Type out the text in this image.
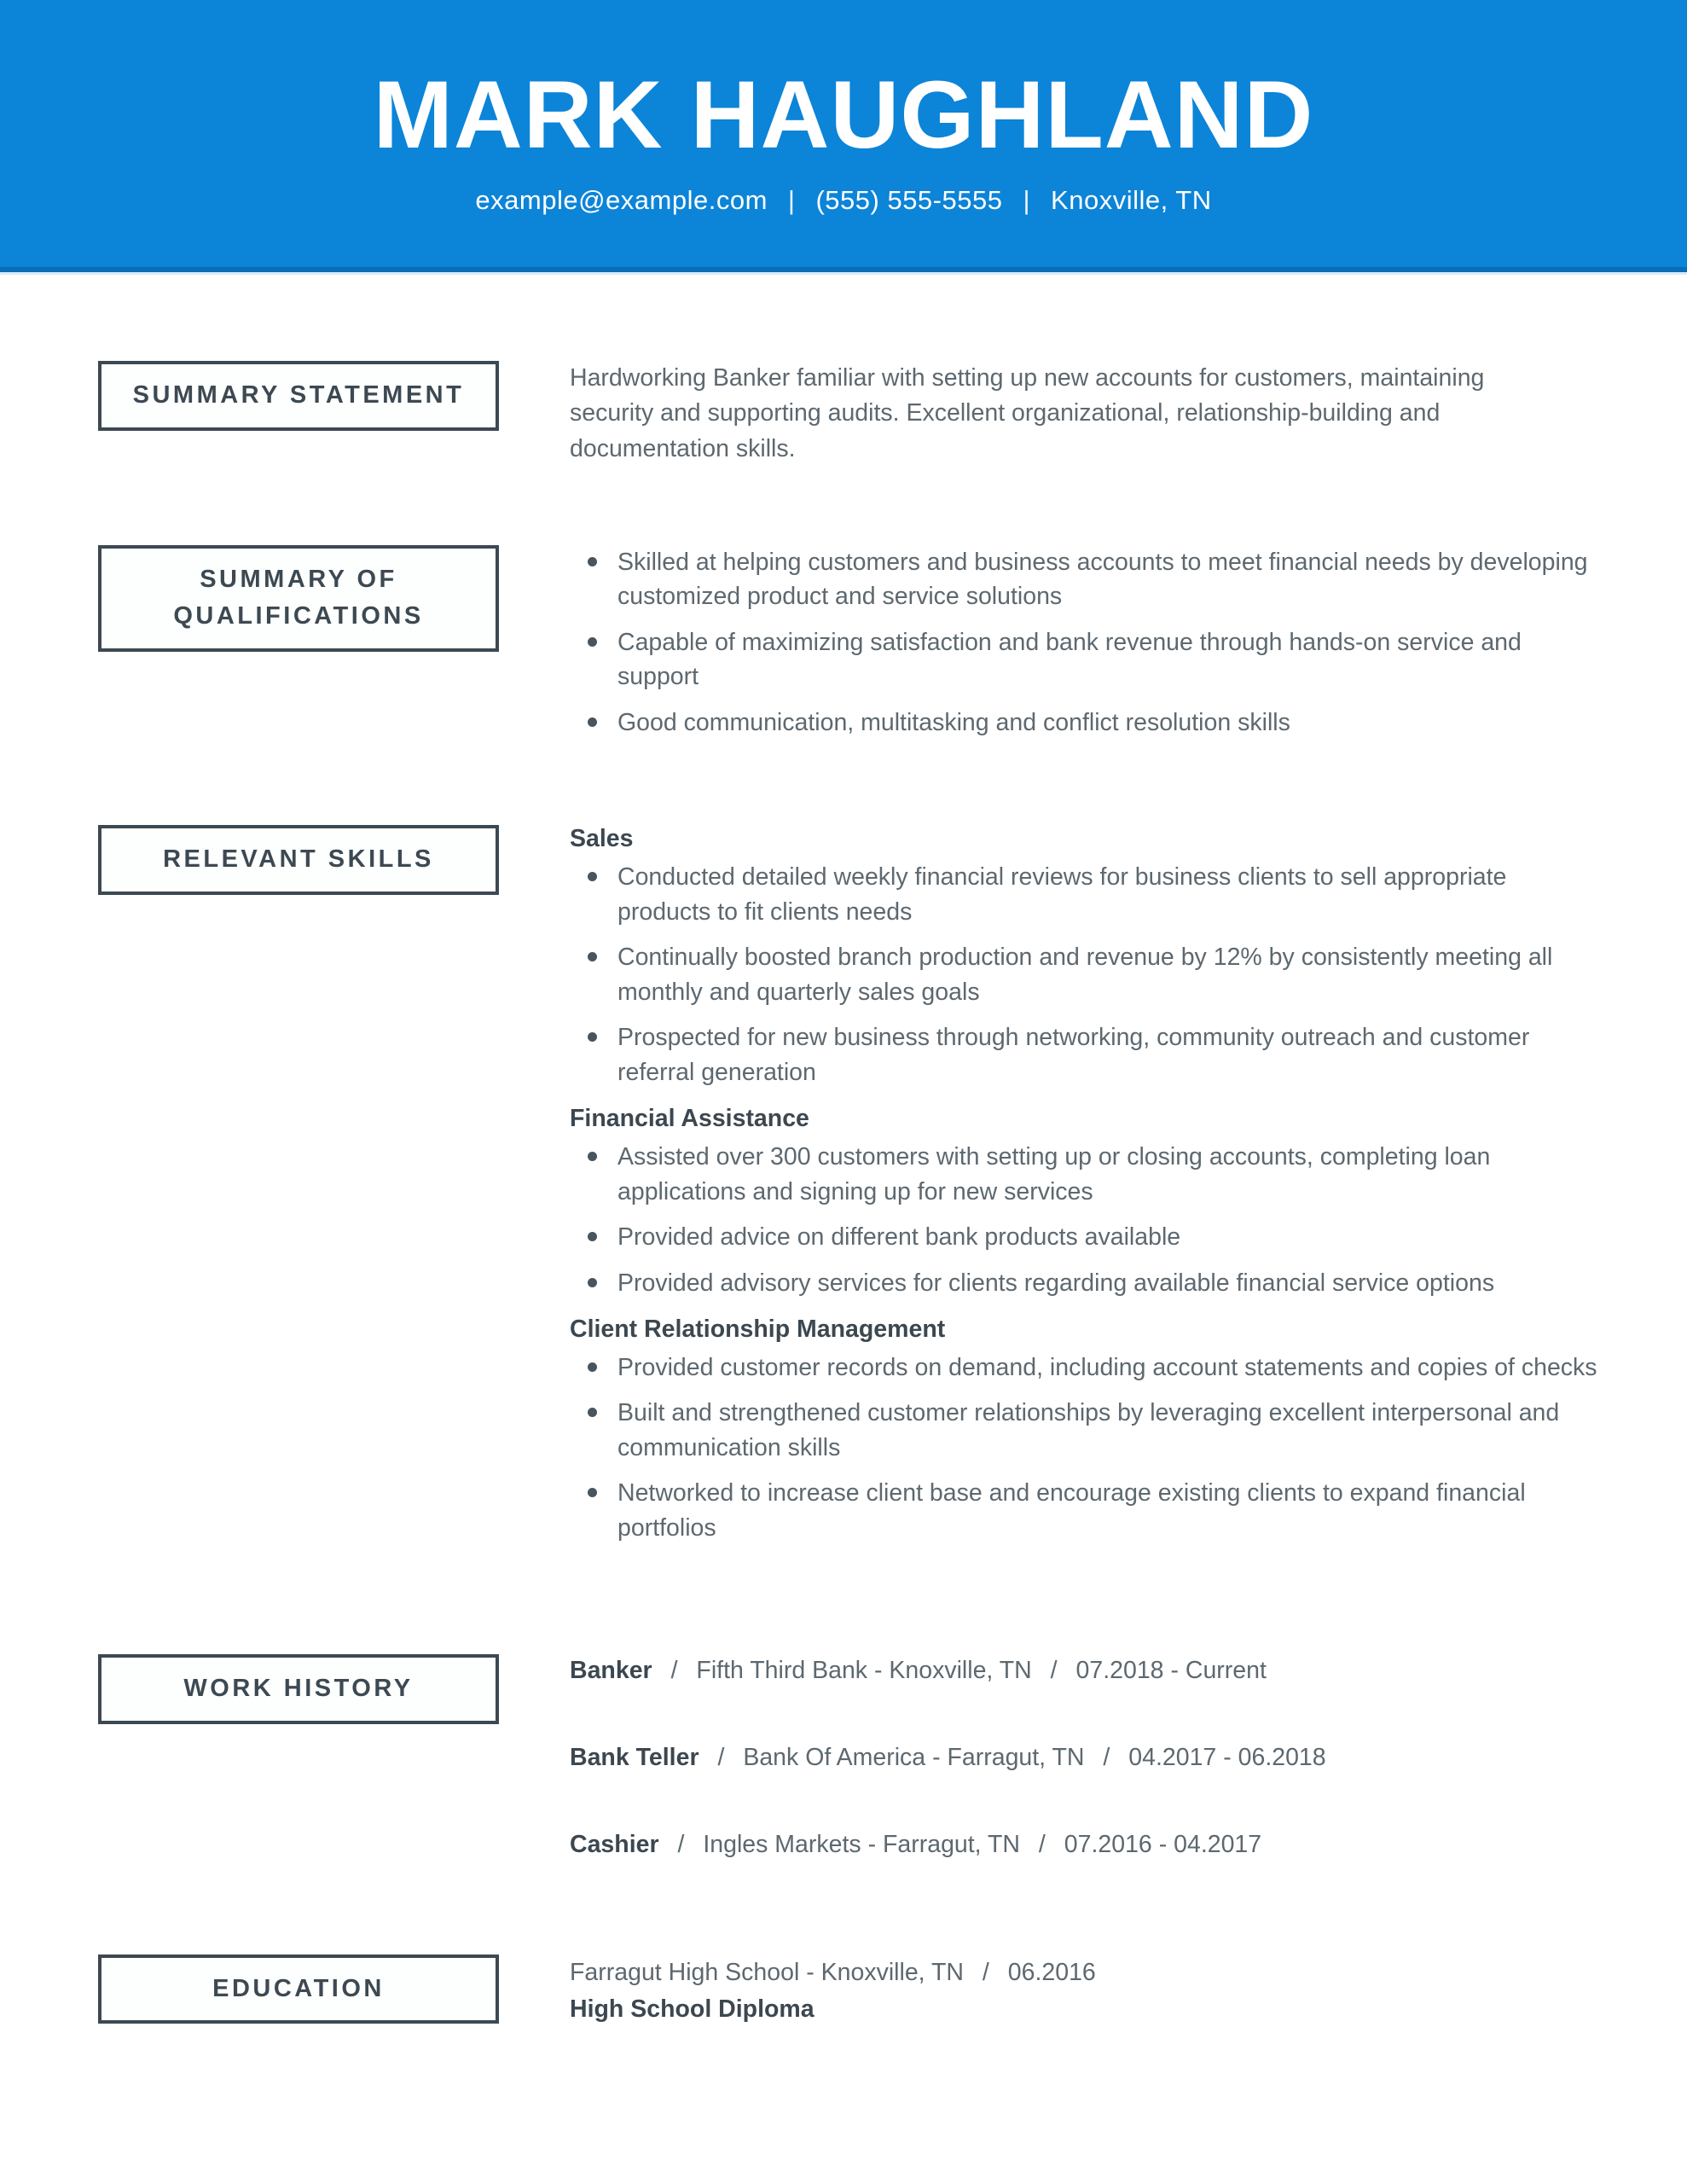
MARK HAUGHLAND
example@example.com | (555) 555-5555 | Knoxville, TN
SUMMARY STATEMENT

Hardworking Banker familiar with setting up new accounts for customers, maintaining security and supporting audits. Excellent organizational, relationship-building and documentation skills.

SUMMARY OF QUALIFICATIONS
Skilled at helping customers and business accounts to meet financial needs by developing customized product and service solutions
Capable of maximizing satisfaction and bank revenue through hands-on service and support
Good communication, multitasking and conflict resolution skills
RELEVANT SKILLS
Sales
Conducted detailed weekly financial reviews for business clients to sell appropriate products to fit clients needs
Continually boosted branch production and revenue by 12% by consistently meeting all monthly and quarterly sales goals
Prospected for new business through networking, community outreach and customer referral generation
Financial Assistance
Assisted over 300 customers with setting up or closing accounts, completing loan applications and signing up for new services
Provided advice on different bank products available
Provided advisory services for clients regarding available financial service options
Client Relationship Management
Provided customer records on demand, including account statements and copies of checks
Built and strengthened customer relationships by leveraging excellent interpersonal and communication skills
Networked to increase client base and encourage existing clients to expand financial portfolios
WORK HISTORY
Banker / Fifth Third Bank - Knoxville, TN / 07.2018 - Current
Bank Teller / Bank Of America - Farragut, TN / 04.2017 - 06.2018
Cashier / Ingles Markets - Farragut, TN / 07.2016 - 04.2017
EDUCATION
Farragut High School - Knoxville, TN / 06.2016
High School Diploma
